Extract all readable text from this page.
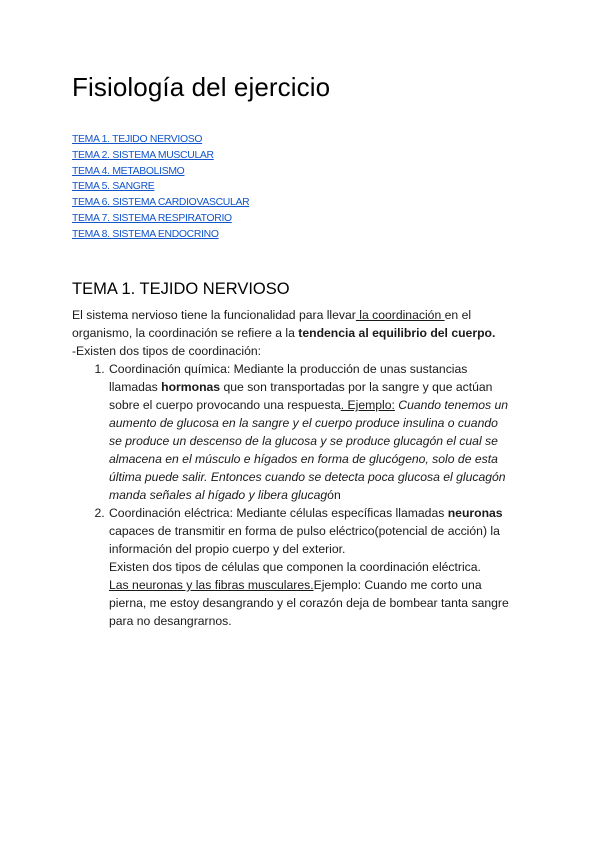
Fisiología del ejercicio
TEMA 1. TEJIDO NERVIOSO
TEMA 2. SISTEMA MUSCULAR
TEMA 4. METABOLISMO
TEMA 5. SANGRE
TEMA 6. SISTEMA CARDIOVASCULAR
TEMA 7. SISTEMA RESPIRATORIO
TEMA 8. SISTEMA ENDOCRINO
TEMA 1. TEJIDO NERVIOSO

El sistema nervioso tiene la funcionalidad para llevar la coordinación en el organismo, la coordinación se refiere a la tendencia al equilibrio del cuerpo.

-Existen dos tipos de coordinación:

1. Coordinación química: Mediante la producción de unas sustancias llamadas hormonas que son transportadas por la sangre y que actúan sobre el cuerpo provocando una respuesta. Ejemplo: Cuando tenemos un aumento de glucosa en la sangre y el cuerpo produce insulina o cuando se produce un descenso de la glucosa y se produce glucagón el cual se almacena en el músculo e hígados en forma de glucógeno, solo de esta última puede salir. Entonces cuando se detecta poca glucosa el glucagón manda señales al hígado y libera glucagón
2. Coordinación eléctrica: Mediante células específicas llamadas neuronas capaces de transmitir en forma de pulso eléctrico(potencial de acción) la información del propio cuerpo y del exterior.
Existen dos tipos de células que componen la coordinación eléctrica.
Las neuronas y las fibras musculares.Ejemplo: Cuando me corto una pierna, me estoy desangrando y el corazón deja de bombear tanta sangre para no desangrarnos.
